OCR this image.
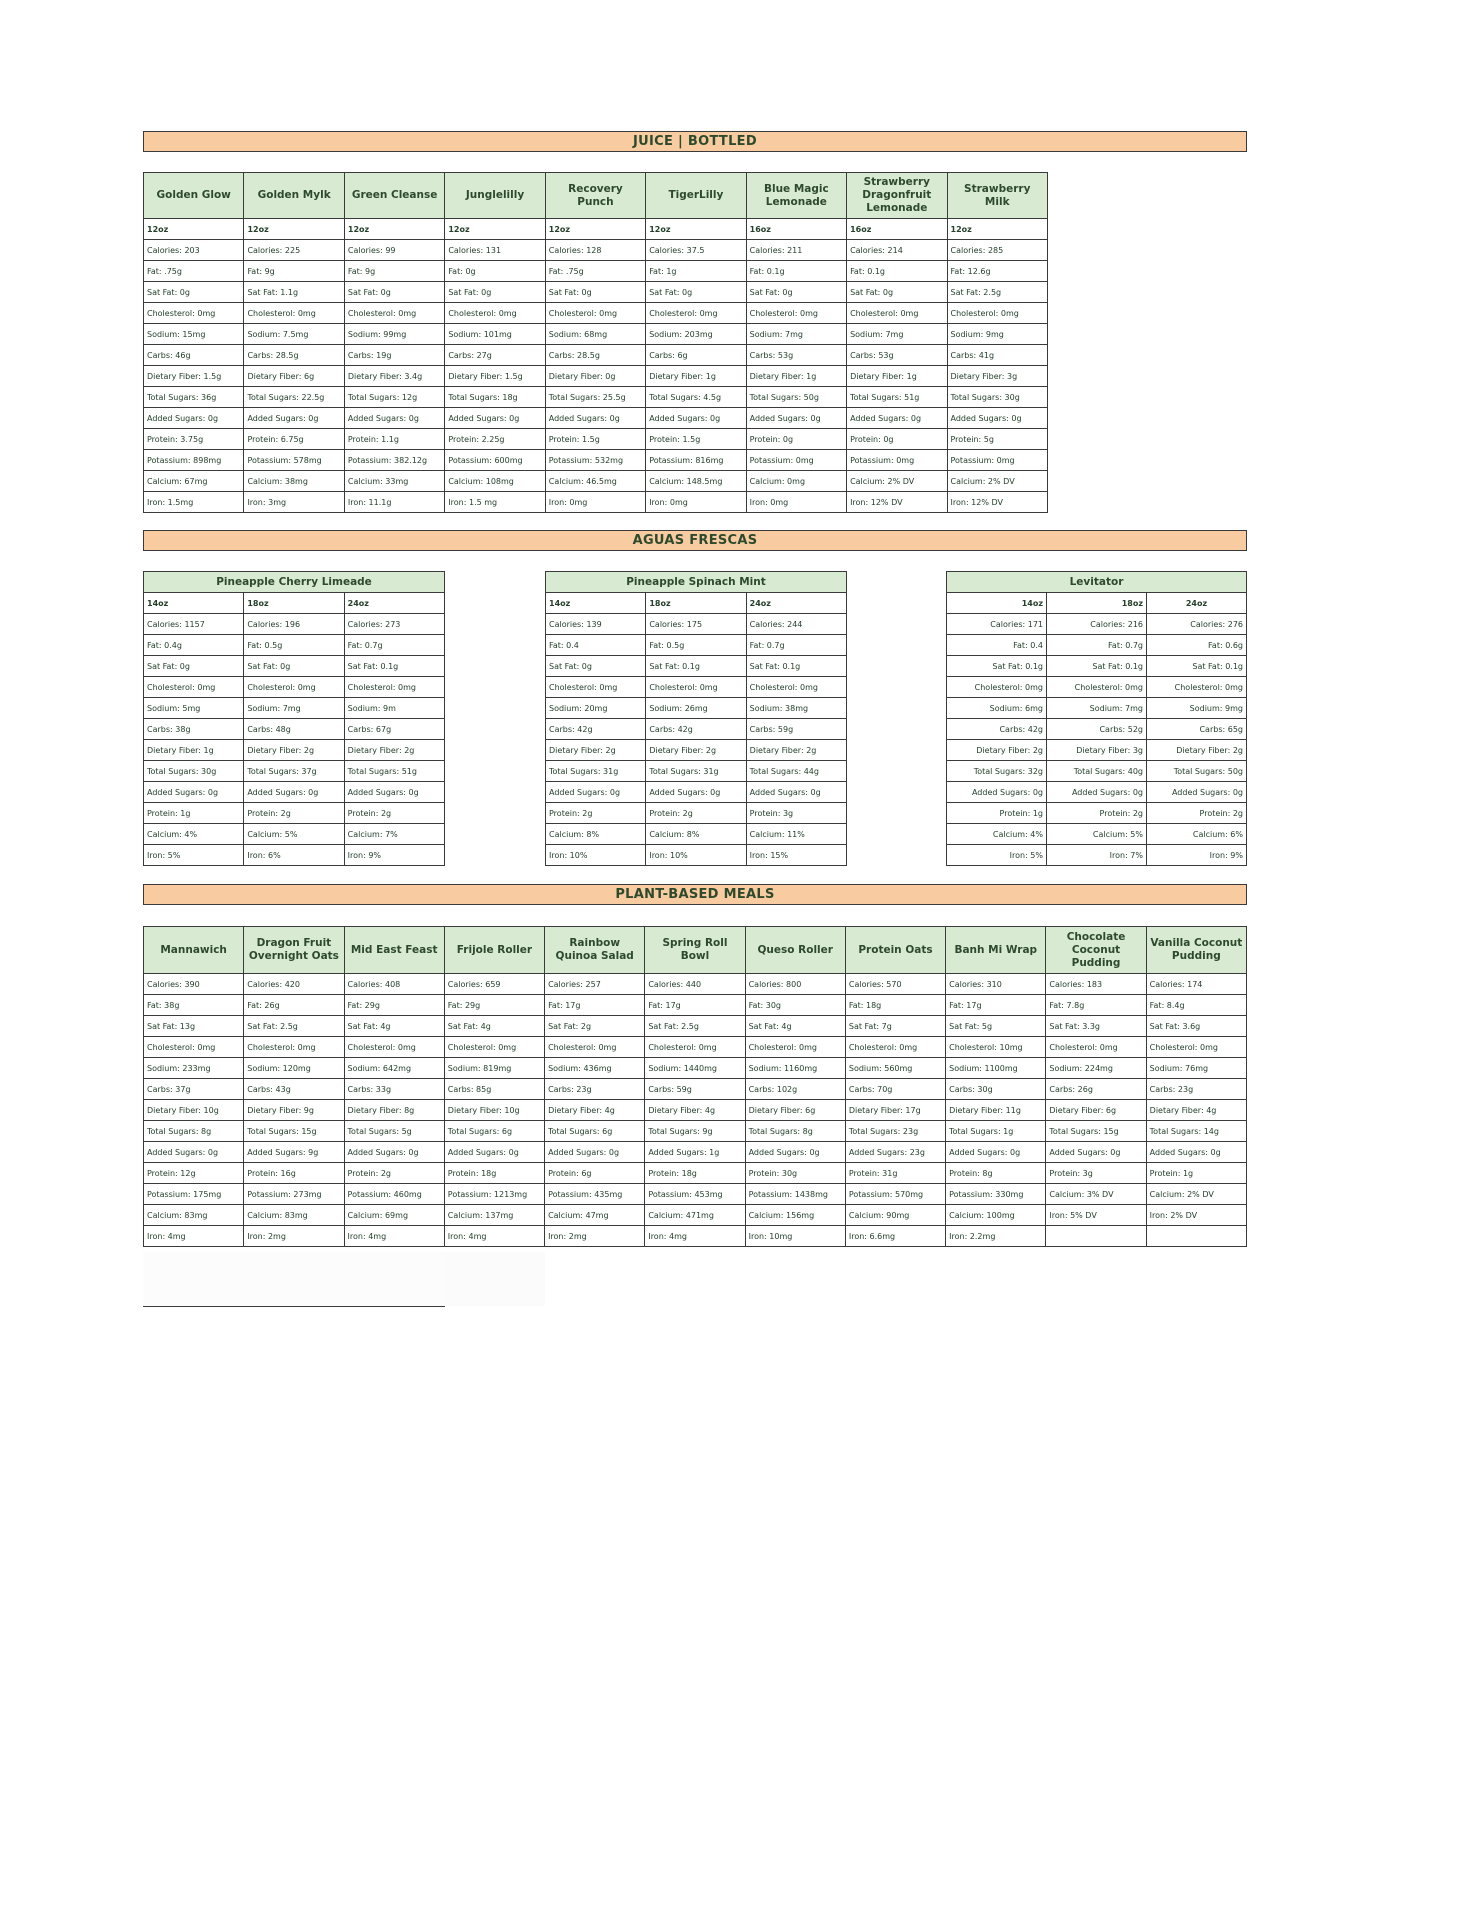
JUICE | BOTTLED
AGUAS FRESCAS
PLANT-BASED MEALS
Golden Glow	Golden Mylk	Green Cleanse	Junglelilly	Recovery Punch	TigerLilly	Blue Magic Lemonade	Strawberry Dragonfruit Lemonade	Strawberry Milk
12oz	12oz	12oz	12oz	12oz	12oz	16oz	16oz	12oz
Calories: 203	Calories: 225	Calories: 99	Calories: 131	Calories: 128	Calories: 37.5	Calories: 211	Calories: 214	Calories: 285
Fat: .75g	Fat: 9g	Fat: 9g	Fat: 0g	Fat: .75g	Fat: 1g	Fat: 0.1g	Fat: 0.1g	Fat: 12.6g
Sat Fat: 0g	Sat Fat: 1.1g	Sat Fat: 0g	Sat Fat: 0g	Sat Fat: 0g	Sat Fat: 0g	Sat Fat: 0g	Sat Fat: 0g	Sat Fat: 2.5g
Cholesterol: 0mg	Cholesterol: 0mg	Cholesterol: 0mg	Cholesterol: 0mg	Cholesterol: 0mg	Cholesterol: 0mg	Cholesterol: 0mg	Cholesterol: 0mg	Cholesterol: 0mg
Sodium: 15mg	Sodium: 7.5mg	Sodium: 99mg	Sodium: 101mg	Sodium: 68mg	Sodium: 203mg	Sodium: 7mg	Sodium: 7mg	Sodium: 9mg
Carbs: 46g	Carbs: 28.5g	Carbs: 19g	Carbs: 27g	Carbs: 28.5g	Carbs: 6g	Carbs: 53g	Carbs: 53g	Carbs: 41g
Dietary Fiber: 1.5g	Dietary Fiber: 6g	Dietary Fiber: 3.4g	Dietary Fiber: 1.5g	Dietary Fiber: 0g	Dietary Fiber: 1g	Dietary Fiber: 1g	Dietary Fiber: 1g	Dietary Fiber: 3g
Total Sugars: 36g	Total Sugars: 22.5g	Total Sugars: 12g	Total Sugars: 18g	Total Sugars: 25.5g	Total Sugars: 4.5g	Total Sugars: 50g	Total Sugars: 51g	Total Sugars: 30g
Added Sugars: 0g	Added Sugars: 0g	Added Sugars: 0g	Added Sugars: 0g	Added Sugars: 0g	Added Sugars: 0g	Added Sugars: 0g	Added Sugars: 0g	Added Sugars: 0g
Protein: 3.75g	Protein: 6.75g	Protein: 1.1g	Protein: 2.25g	Protein: 1.5g	Protein: 1.5g	Protein: 0g	Protein: 0g	Protein: 5g
Potassium: 898mg	Potassium: 578mg	Potassium: 382.12g	Potassium: 600mg	Potassium: 532mg	Potassium: 816mg	Potassium: 0mg	Potassium: 0mg	Potassium: 0mg
Calcium: 67mg	Calcium: 38mg	Calcium: 33mg	Calcium: 108mg	Calcium: 46.5mg	Calcium: 148.5mg	Calcium: 0mg	Calcium: 2% DV	Calcium: 2% DV
Iron: 1.5mg	Iron: 3mg	Iron: 11.1g	Iron: 1.5 mg	Iron: 0mg	Iron: 0mg	Iron: 0mg	Iron: 12% DV	Iron: 12% DV
Pineapple Cherry Limeade		
14oz	18oz	24oz
Calories: 1157	Calories: 196	Calories: 273
Fat: 0.4g	Fat: 0.5g	Fat: 0.7g
Sat Fat: 0g	Sat Fat: 0g	Sat Fat: 0.1g
Cholesterol: 0mg	Cholesterol: 0mg	Cholesterol: 0mg
Sodium: 5mg	Sodium: 7mg	Sodium: 9m
Carbs: 38g	Carbs: 48g	Carbs: 67g
Dietary Fiber: 1g	Dietary Fiber: 2g	Dietary Fiber: 2g
Total Sugars: 30g	Total Sugars: 37g	Total Sugars: 51g
Added Sugars: 0g	Added Sugars: 0g	Added Sugars: 0g
Protein: 1g	Protein: 2g	Protein: 2g
Calcium: 4%	Calcium: 5%	Calcium: 7%
Iron: 5%	Iron: 6%	Iron: 9%
Pineapple Spinach Mint		
14oz	18oz	24oz
Calories: 139	Calories: 175	Calories: 244
Fat: 0.4	Fat: 0.5g	Fat: 0.7g
Sat Fat: 0g	Sat Fat: 0.1g	Sat Fat: 0.1g
Cholesterol: 0mg	Cholesterol: 0mg	Cholesterol: 0mg
Sodium: 20mg	Sodium: 26mg	Sodium: 38mg
Carbs: 42g	Carbs: 42g	Carbs: 59g
Dietary Fiber: 2g	Dietary Fiber: 2g	Dietary Fiber: 2g
Total Sugars: 31g	Total Sugars: 31g	Total Sugars: 44g
Added Sugars: 0g	Added Sugars: 0g	Added Sugars: 0g
Protein: 2g	Protein: 2g	Protein: 3g
Calcium: 8%	Calcium: 8%	Calcium: 11%
Iron: 10%	Iron: 10%	Iron: 15%
Levitator		
14oz	18oz	24oz
Calories: 171	Calories: 216	Calories: 276
Fat: 0.4	Fat: 0.7g	Fat: 0.6g
Sat Fat: 0.1g	Sat Fat: 0.1g	Sat Fat: 0.1g
Cholesterol: 0mg	Cholesterol: 0mg	Cholesterol: 0mg
Sodium: 6mg	Sodium: 7mg	Sodium: 9mg
Carbs: 42g	Carbs: 52g	Carbs: 65g
Dietary Fiber: 2g	Dietary Fiber: 3g	Dietary Fiber: 2g
Total Sugars: 32g	Total Sugars: 40g	Total Sugars: 50g
Added Sugars: 0g	Added Sugars: 0g	Added Sugars: 0g
Protein: 1g	Protein: 2g	Protein: 2g
Calcium: 4%	Calcium: 5%	Calcium: 6%
Iron: 5%	Iron: 7%	Iron: 9%
Mannawich	Dragon Fruit Overnight Oats	Mid East Feast	Frijole Roller	Rainbow Quinoa Salad	Spring Roll Bowl	Queso Roller	Protein Oats	Banh Mi Wrap	Chocolate Coconut Pudding	Vanilla Coconut Pudding
Calories: 390	Calories: 420	Calories: 408	Calories: 659	Calories: 257	Calories: 440	Calories: 800	Calories: 570	Calories: 310	Calories: 183	Calories: 174
Fat: 38g	Fat: 26g	Fat: 29g	Fat: 29g	Fat: 17g	Fat: 17g	Fat: 30g	Fat: 18g	Fat: 17g	Fat: 7.8g	Fat: 8.4g
Sat Fat: 13g	Sat Fat: 2.5g	Sat Fat: 4g	Sat Fat: 4g	Sat Fat: 2g	Sat Fat: 2.5g	Sat Fat: 4g	Sat Fat: 7g	Sat Fat: 5g	Sat Fat: 3.3g	Sat Fat: 3.6g
Cholesterol: 0mg	Cholesterol: 0mg	Cholesterol: 0mg	Cholesterol: 0mg	Cholesterol: 0mg	Cholesterol: 0mg	Cholesterol: 0mg	Cholesterol: 0mg	Cholesterol: 10mg	Cholesterol: 0mg	Cholesterol: 0mg
Sodium: 233mg	Sodium: 120mg	Sodium: 642mg	Sodium: 819mg	Sodium: 436mg	Sodium: 1440mg	Sodium: 1160mg	Sodium: 560mg	Sodium: 1100mg	Sodium: 224mg	Sodium: 76mg
Carbs: 37g	Carbs: 43g	Carbs: 33g	Carbs: 85g	Carbs: 23g	Carbs: 59g	Carbs: 102g	Carbs: 70g	Carbs: 30g	Carbs: 26g	Carbs: 23g
Dietary Fiber: 10g	Dietary Fiber: 9g	Dietary Fiber: 8g	Dietary Fiber: 10g	Dietary Fiber: 4g	Dietary Fiber: 4g	Dietary Fiber: 6g	Dietary Fiber: 17g	Dietary Fiber: 11g	Dietary Fiber: 6g	Dietary Fiber: 4g
Total Sugars: 8g	Total Sugars: 15g	Total Sugars: 5g	Total Sugars: 6g	Total Sugars: 6g	Total Sugars: 9g	Total Sugars: 8g	Total Sugars: 23g	Total Sugars: 1g	Total Sugars: 15g	Total Sugars: 14g
Added Sugars: 0g	Added Sugars: 9g	Added Sugars: 0g	Added Sugars: 0g	Added Sugars: 0g	Added Sugars: 1g	Added Sugars: 0g	Added Sugars: 23g	Added Sugars: 0g	Added Sugars: 0g	Added Sugars: 0g
Protein: 12g	Protein: 16g	Protein: 2g	Protein: 18g	Protein: 6g	Protein: 18g	Protein: 30g	Protein: 31g	Protein: 8g	Protein: 3g	Protein: 1g
Potassium: 175mg	Potassium: 273mg	Potassium: 460mg	Potassium: 1213mg	Potassium: 435mg	Potassium: 453mg	Potassium: 1438mg	Potassium: 570mg	Potassium: 330mg	Calcium: 3% DV	Calcium: 2% DV
Calcium: 83mg	Calcium: 83mg	Calcium: 69mg	Calcium: 137mg	Calcium: 47mg	Calcium: 471mg	Calcium: 156mg	Calcium: 90mg	Calcium: 100mg	Iron: 5% DV	Iron: 2% DV
Iron: 4mg	Iron: 2mg	Iron: 4mg	Iron: 4mg	Iron: 2mg	Iron: 4mg	Iron: 10mg	Iron: 6.6mg	Iron: 2.2mg		
